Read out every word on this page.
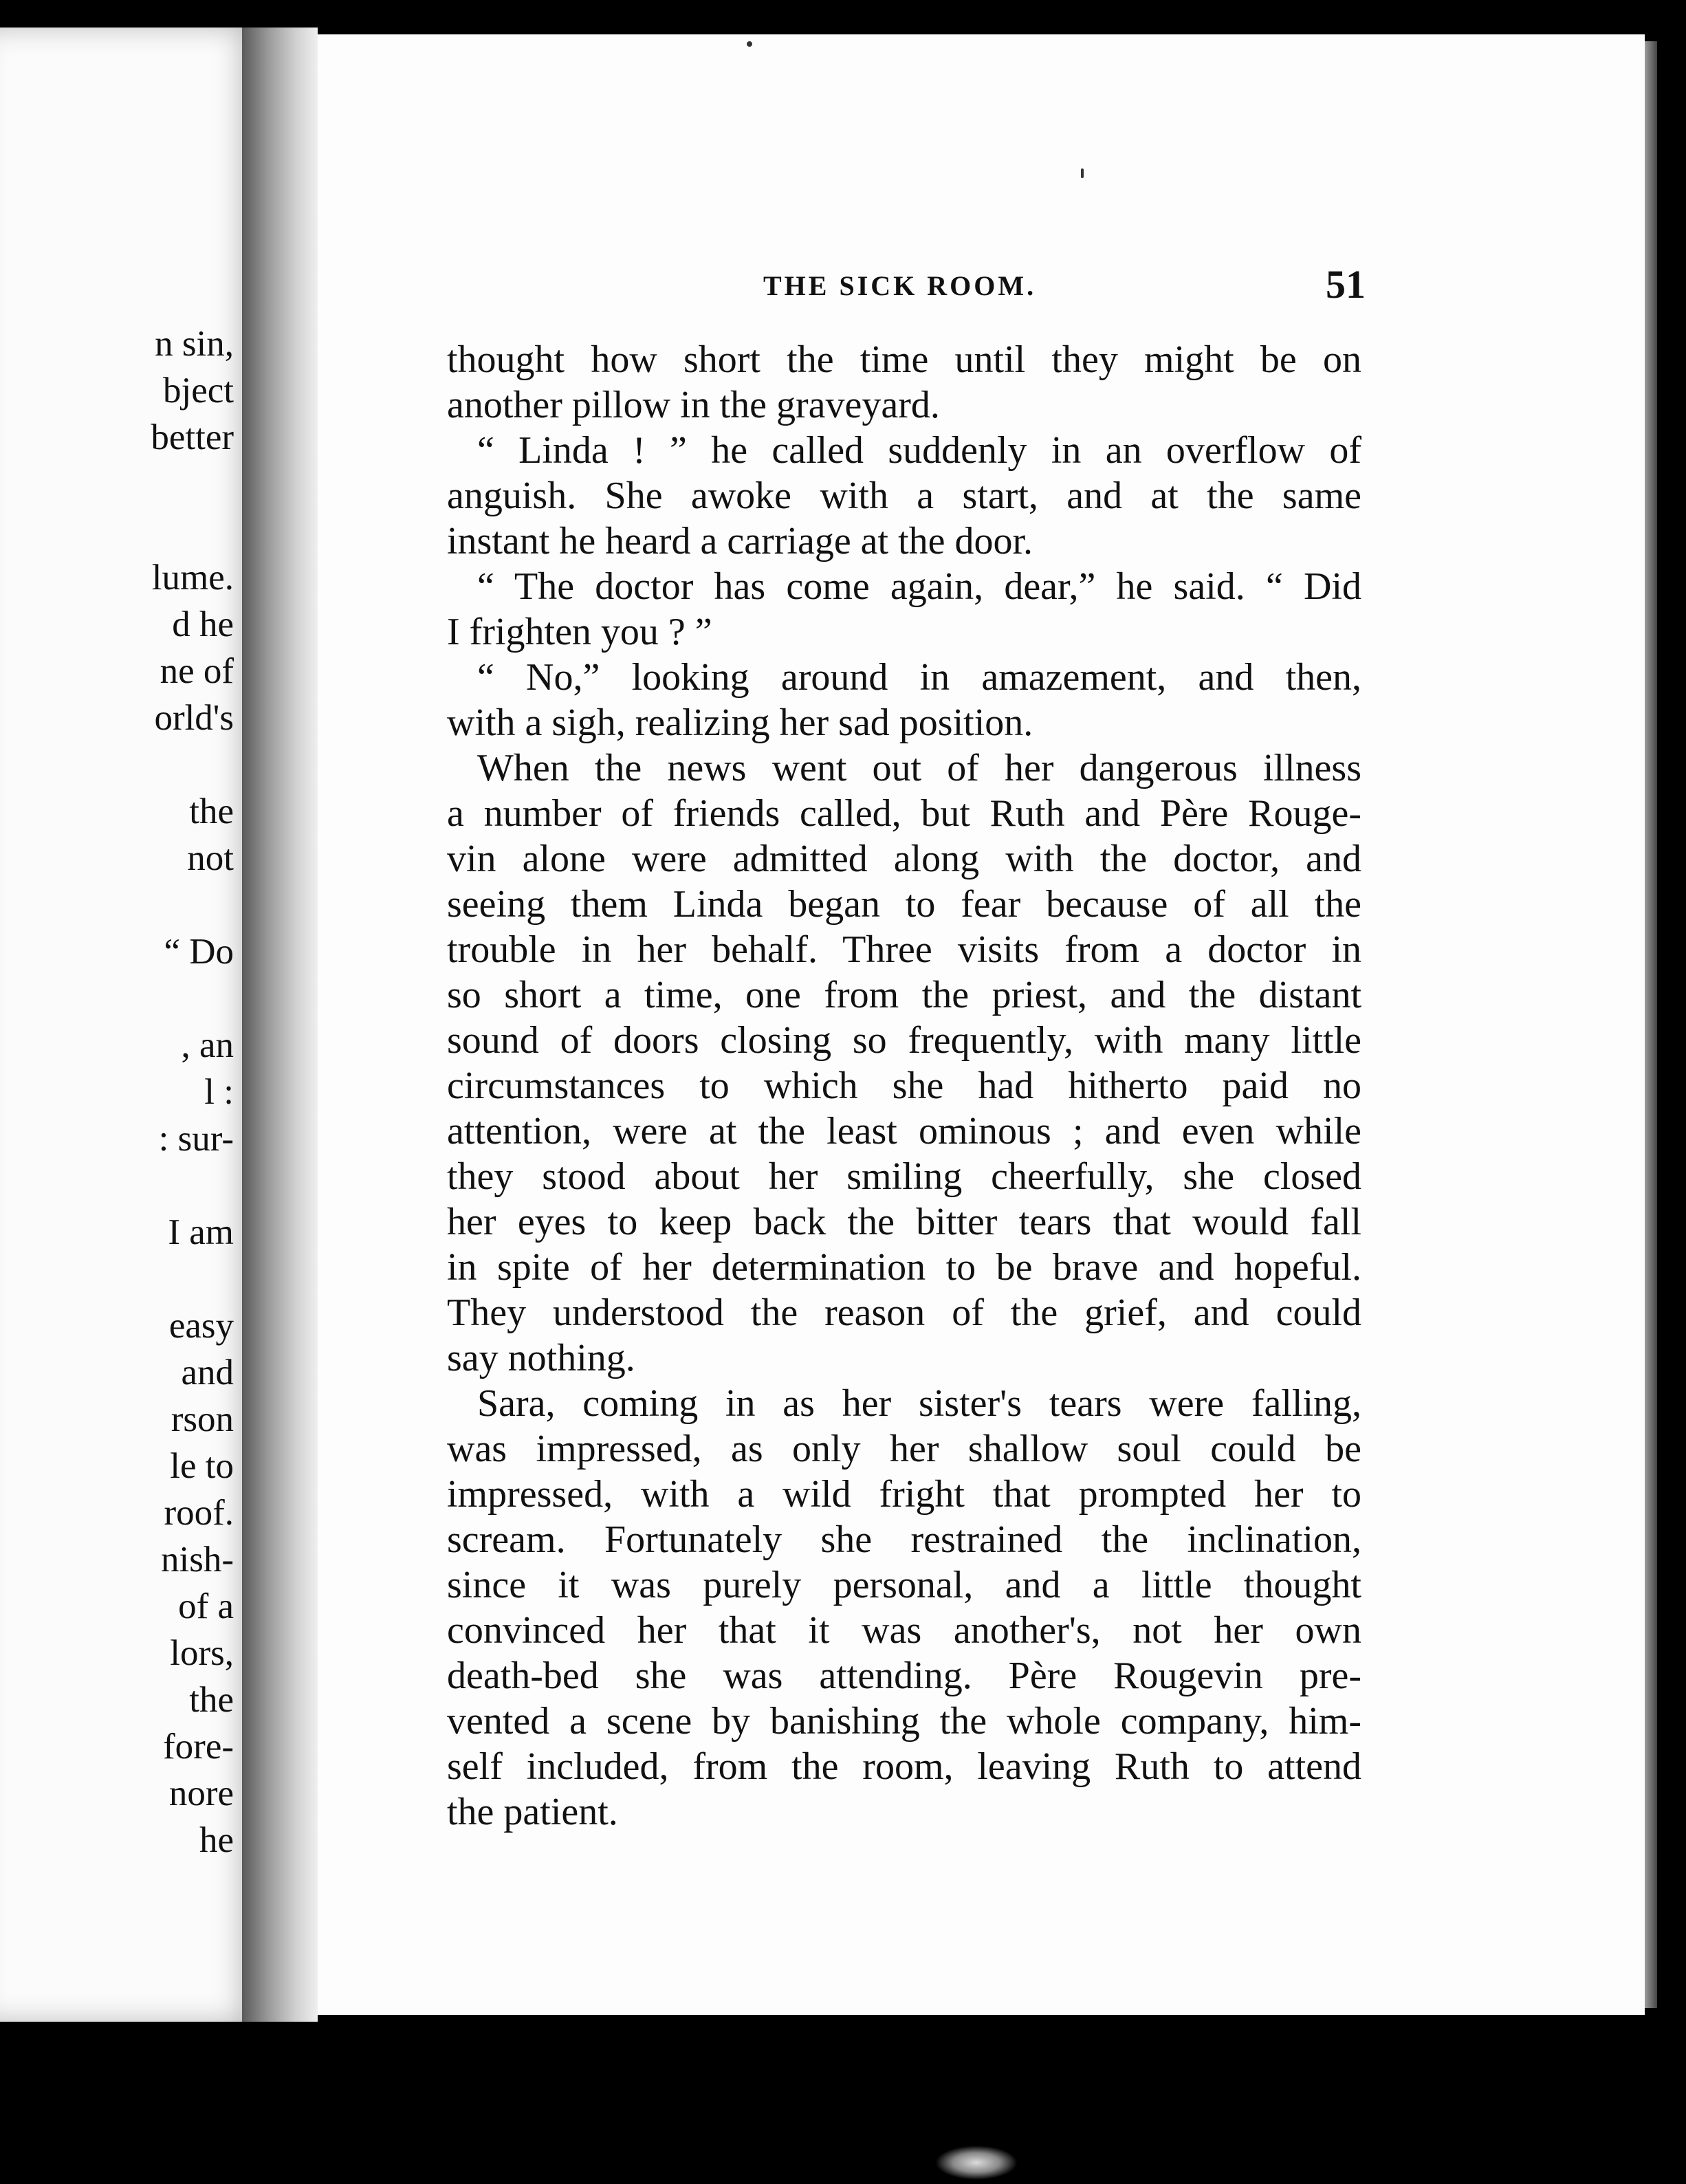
n sin,
bject
better
lume.
d he
ne of
orld's
the
not
“ Do
, an
l :
: sur-
I am
easy
and
rson
le to
roof.
nish-
of a
lors,
the
fore-
nore
he
THE SICK ROOM.	51
thought how short the time until they might be on
another pillow in the graveyard.
“ Linda ! ” he called suddenly in an overflow of
anguish. She awoke with a start, and at the same
instant he heard a carriage at the door.
“ The doctor has come again, dear,” he said. “ Did
I frighten you ? ”
“ No,” looking around in amazement, and then,
with a sigh, realizing her sad position.
When the news went out of her dangerous illness
a number of friends called, but Ruth and Père Rouge-
vin alone were admitted along with the doctor, and
seeing them Linda began to fear because of all the
trouble in her behalf. Three visits from a doctor in
so short a time, one from the priest, and the distant
sound of doors closing so frequently, with many little
circumstances to which she had hitherto paid no
attention, were at the least ominous ; and even while
they stood about her smiling cheerfully, she closed
her eyes to keep back the bitter tears that would fall
in spite of her determination to be brave and hopeful.
They understood the reason of the grief, and could
say nothing.
Sara, coming in as her sister's tears were falling,
was impressed, as only her shallow soul could be
impressed, with a wild fright that prompted her to
scream. Fortunately she restrained the inclination,
since it was purely personal, and a little thought
convinced her that it was another's, not her own
death-bed she was attending. Père Rougevin pre-
vented a scene by banishing the whole company, him-
self included, from the room, leaving Ruth to attend
the patient.
